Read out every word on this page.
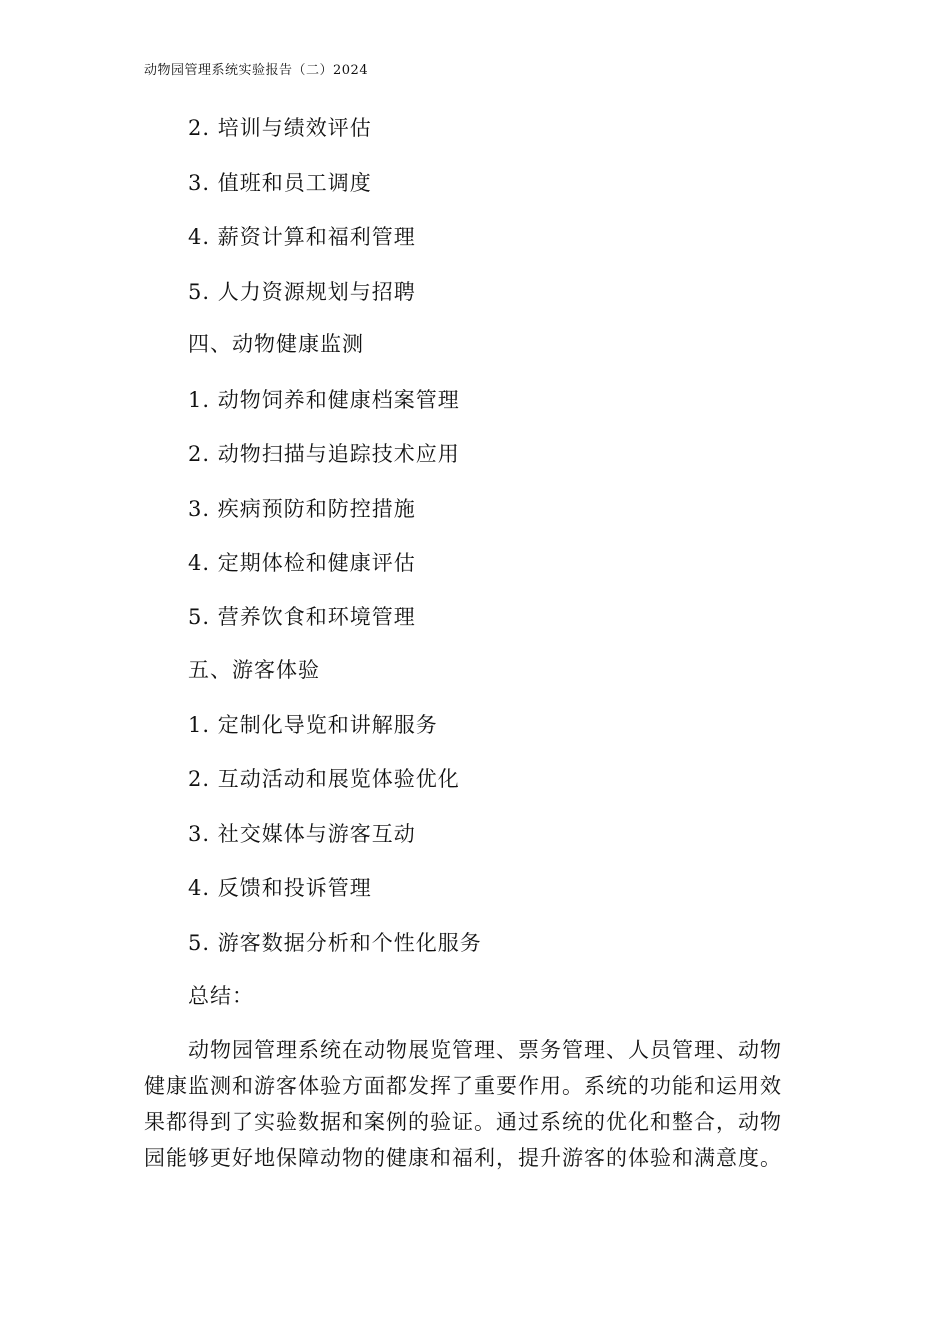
动物园管理系统实验报告（二）2024
2. 培训与绩效评估
3. 值班和员工调度
4. 薪资计算和福利管理
5. 人力资源规划与招聘
四、动物健康监测
1. 动物饲养和健康档案管理
2. 动物扫描与追踪技术应用
3. 疾病预防和防控措施
4. 定期体检和健康评估
5. 营养饮食和环境管理
五、游客体验
1. 定制化导览和讲解服务
2. 互动活动和展览体验优化
3. 社交媒体与游客互动
4. 反馈和投诉管理
5. 游客数据分析和个性化服务
总结：

动物园管理系统在动物展览管理、票务管理、人员管理、动物
健康监测和游客体验方面都发挥了重要作用。系统的功能和运用效
果都得到了实验数据和案例的验证。通过系统的优化和整合，动物
园能够更好地保障动物的健康和福利，提升游客的体验和满意度。
